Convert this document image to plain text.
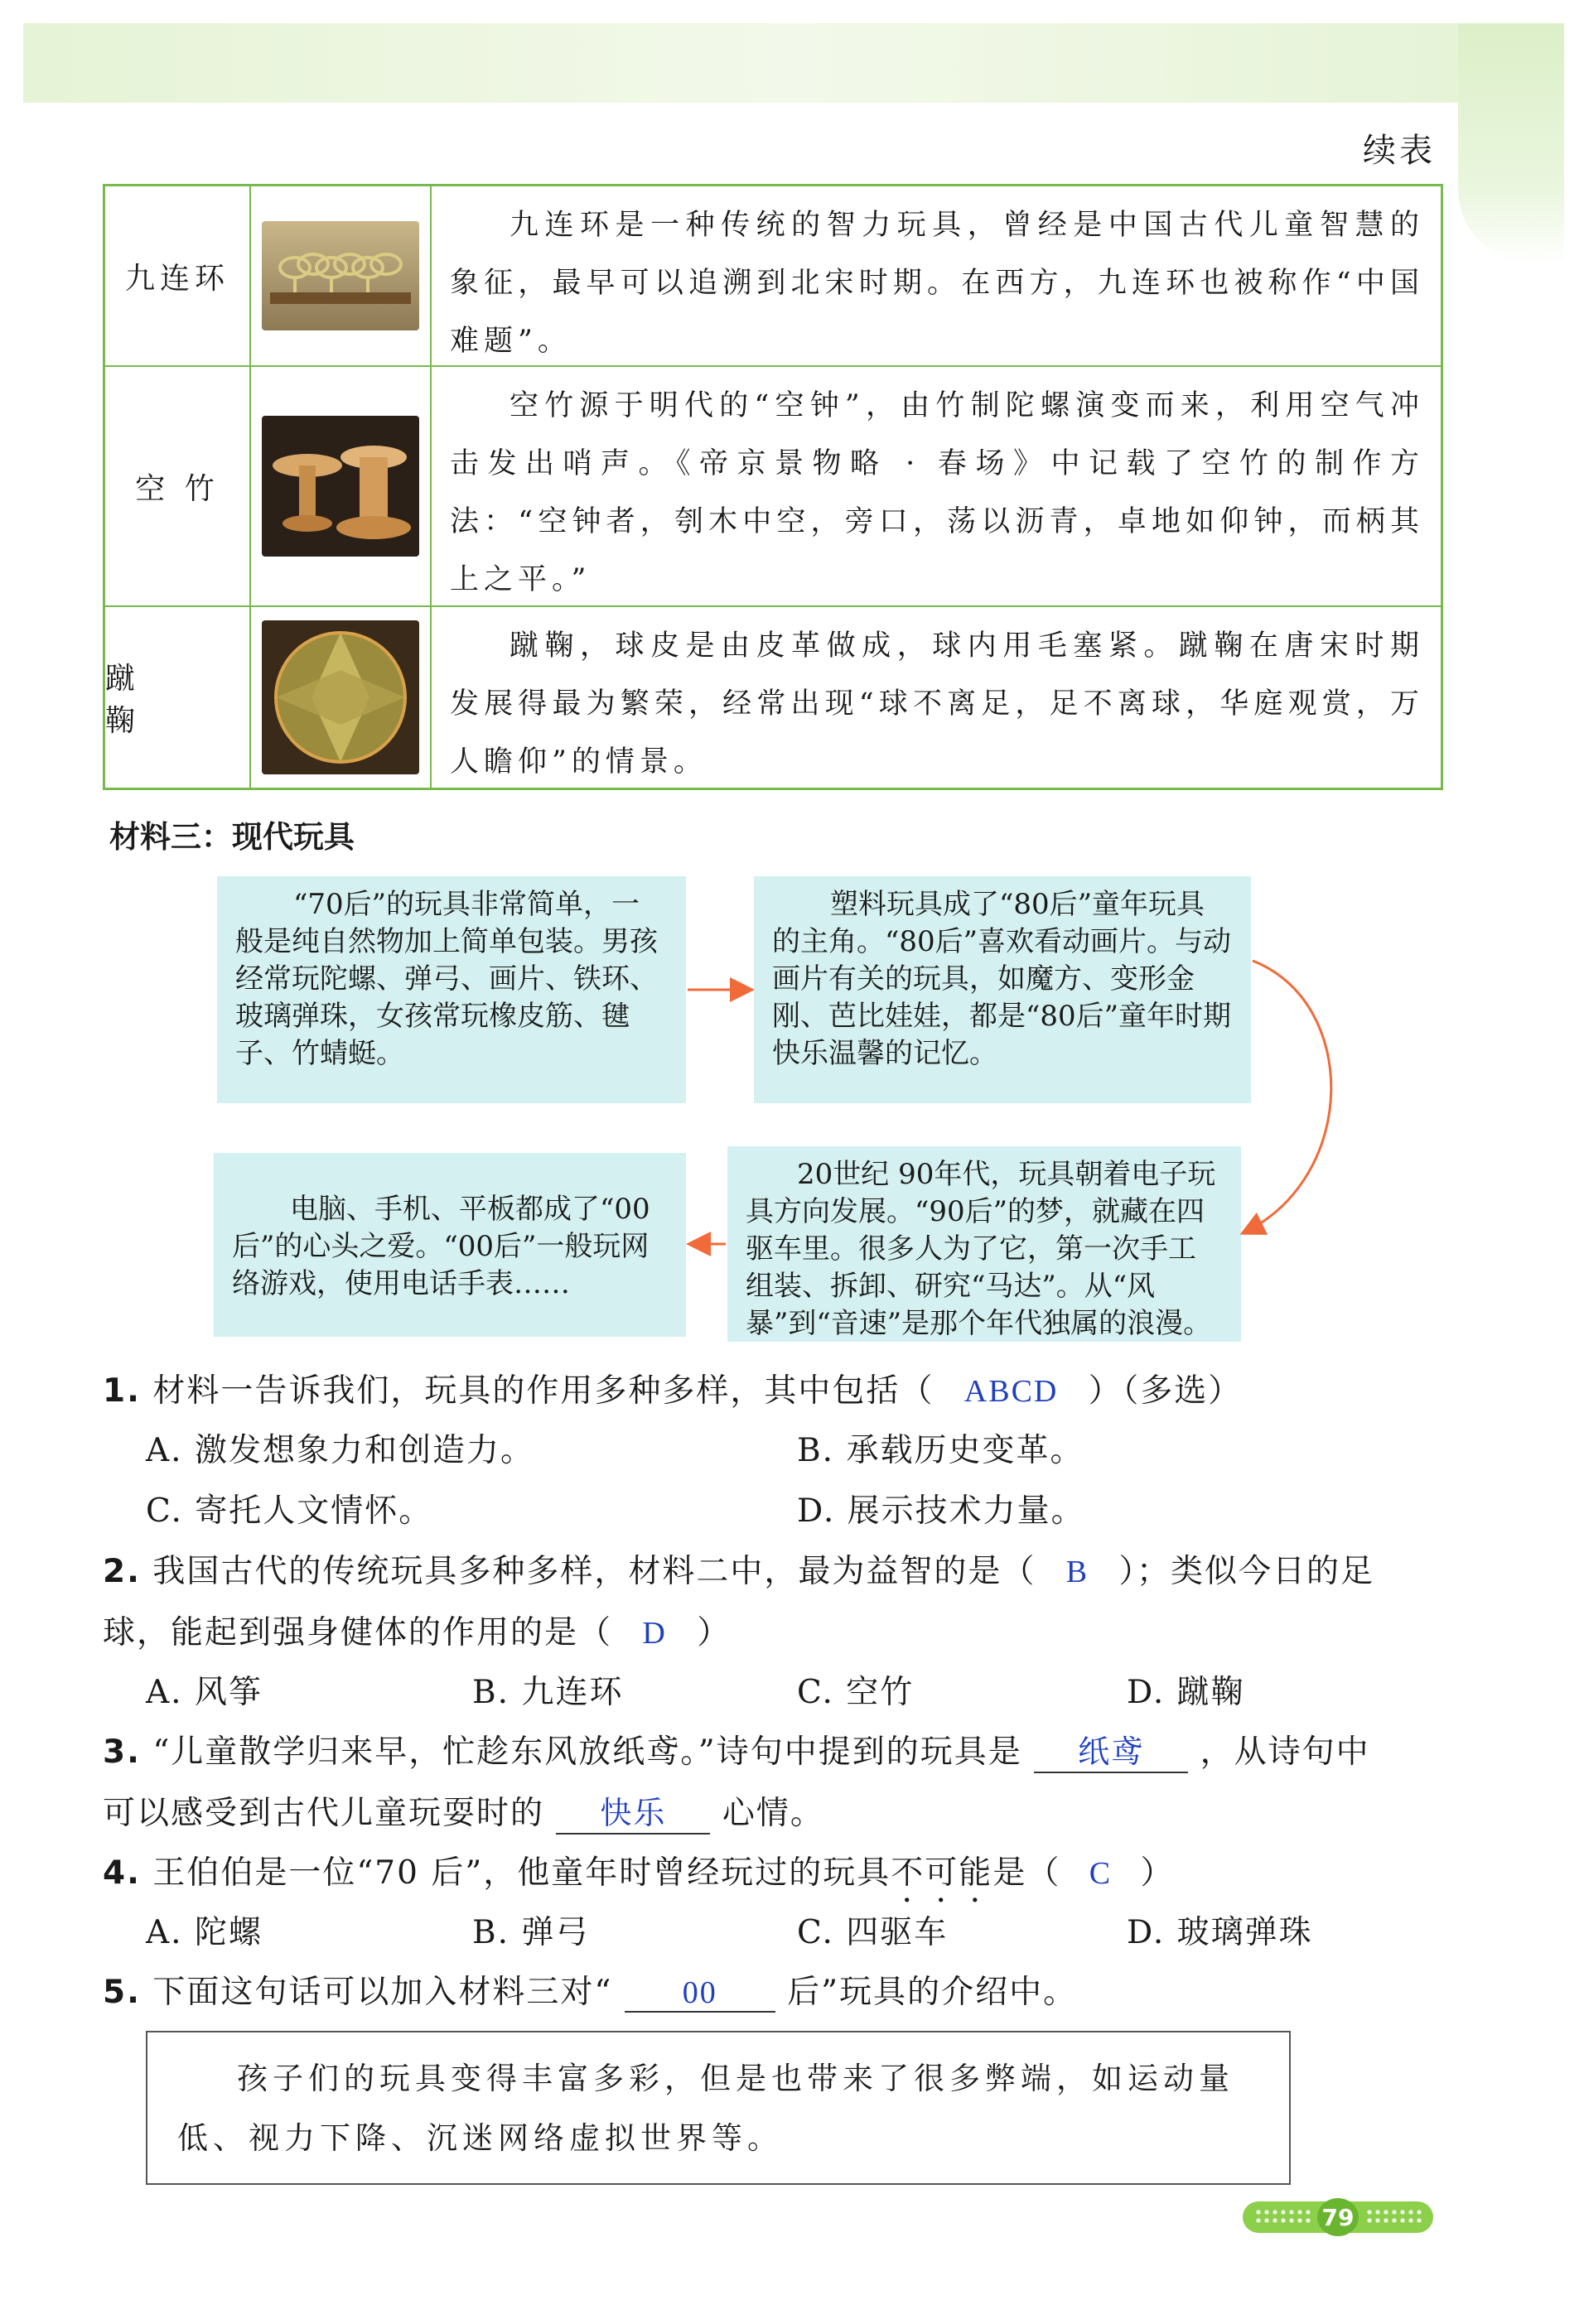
续表
九连环
九连环是一种传统的智力玩具，曾经是中国古代儿童智慧的象征，最早可以追溯到北宋时期。在西方，九连环也被称作“中国难题”。
空 竹
空竹源于明代的“空钟”，由竹制陀螺演变而来，利用空气冲击发出哨声。《帝京景物略 · 春场》中记载了空竹的制作方法：“空钟者，刳木中空，旁口，荡以沥青，卓地如仰钟，而柄其上之平。”
蹴 鞠
蹴鞠，球皮是由皮革做成，球内用毛塞紧。蹴鞠在唐宋时期发展得最为繁荣，经常出现“球不离足，足不离球，华庭观赏，万人瞻仰”的情景。
材料三：现代玩具
“70后”的玩具非常简单，一般是纯自然物加上简单包装。男孩经常玩陀螺、弹弓、画片、铁环、玻璃弹珠，女孩常玩橡皮筋、毽子、竹蜻蜓。
塑料玩具成了“80后”童年玩具的主角。“80后”喜欢看动画片。与动画片有关的玩具，如魔方、变形金刚、芭比娃娃，都是“80后”童年时期快乐温馨的记忆。
20世纪 90年代，玩具朝着电子玩具方向发展。“90后”的梦，就藏在四驱车里。很多人为了它，第一次手工组装、拆卸、研究“马达”。从“风暴”到“音速”是那个年代独属的浪漫。
电脑、手机、平板都成了“00后”的心头之爱。“00后”一般玩网络游戏，使用电话手表……
1. 材料一告诉我们，玩具的作用多种多样，其中包括（ ABCD ）（多选）
A. 激发想象力和创造力。	B. 承载历史变革。
C. 寄托人文情怀。	D. 展示技术力量。
2. 我国古代的传统玩具多种多样，材料二中，最为益智的是（ B ）；类似今日的足
球，能起到强身健体的作用的是（ D ）
A. 风筝	B. 九连环	C. 空竹	D. 蹴鞠
3. “儿童散学归来早，忙趁东风放纸鸢。”诗句中提到的玩具是 纸鸢 ，从诗句中
可以感受到古代儿童玩耍时的 快乐 心情。
4. 王伯伯是一位“70 后”，他童年时曾经玩过的玩具不可能是（ C ）
A. 陀螺	B. 弹弓	C. 四驱车	D. 玻璃弹珠
5. 下面这句话可以加入材料三对“ 00 后”玩具的介绍中。
孩子们的玩具变得丰富多彩，但是也带来了很多弊端，如运动量低、视力下降、沉迷网络虚拟世界等。
79
